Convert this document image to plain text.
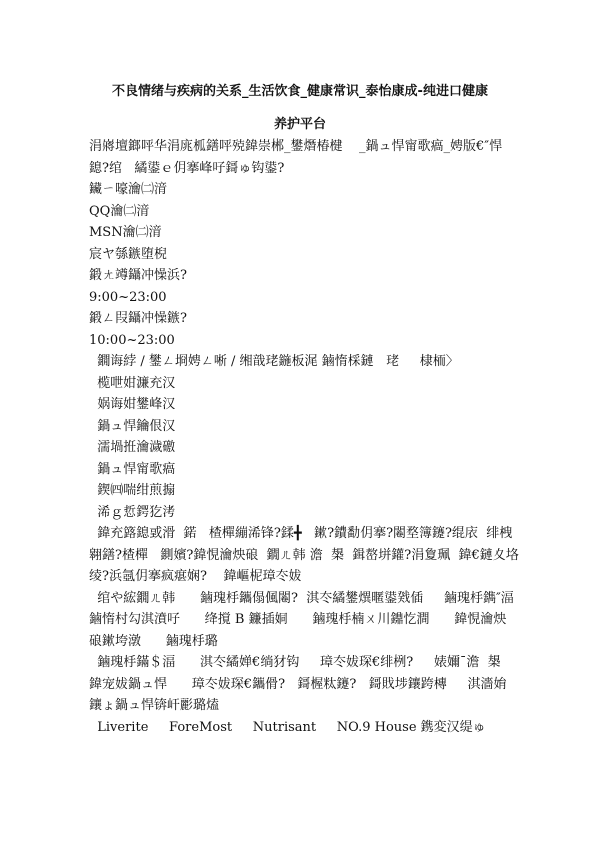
不良情绪与疾病的关系_生活饮食_健康常识_泰怡康成-纯进口健康
养护平台

涓嶈壇鎯呯华涓庣柧鐥呯殑鍏崇郴_鐢熸椿楗    _鍋ュ悍甯歌瘑_娉版€″悍鎴?绾   繘鍙ｅ仴搴峰吇鎶ゅ钩鍙?

鑶ㄧ嚎瀹㈡湇

QQ瀹㈡湇

MSN瀹㈡湇

宸ヤ綔鏃堕棿

鍛ㄤ竴鑷冲懆浜?

9:00~23:00

鍛ㄥ叚鑷冲懆鏃?

10:00~23:00

鐗诲綍 / 鐢ㄥ埛娉ㄥ唽 / 缃戠珯鍦板浘 鏀惰棌鏈   珯     棣栭〉

榄呭姏濂充汉

娲诲姏鐢峰汉

鍋ュ悍鑰佷汉

濡堝拰瀹濊礉

鍋ュ悍甯歌瘑

鍥㈣喘绀煎搧

浠ｇ悊鍔犵洘

鍏充簬鎴戜滑  鍩   楂樿繃浠锋?鍒╋   鏉?鐨勫仴搴?闂堥簿鑳?绲庡  绯栧翱鐥?楂樿   鍘嬪?鍏悓瀹炴硠  鐗ㄦ韩 澹  槼  鍓嶅垪鑵?涓夐珮  鍏€鏈夊垎绫?浜氬仴搴疯瘎娴?    鍏嶇柅璋冭妭

绾や綋鐗ㄦ韩      鏀瑰杽鑴傝偑闂?  淇冭繘鐢熼暱鍙戣偛     鏀瑰杽鐫″湢      鏀惰村勾淇濆吇      绛撹 B 鐮插姛      鏀瑰杽楠ㄨ川鐤忔澗      鍏悓瀹炴硠鏉垮潡      鏀瑰杽璐

鏀瑰杽鏋＄湢      淇冭繘婵€绱犲钩     璋冭妭琛€绯栵?     婊嬭ˉ澹  槼     鍏宠妭鍋ュ悍      璋冭妭琛€鑴傦?   鎶楃粏鑳?   鎶戝埗鑲跨槫     淇濇姢鑲ょ鍋ュ悍锛屽彲璐熆

Liverite     ForeMost     Nutrisant     NO.9 House 鎸変汉缇ゅ
